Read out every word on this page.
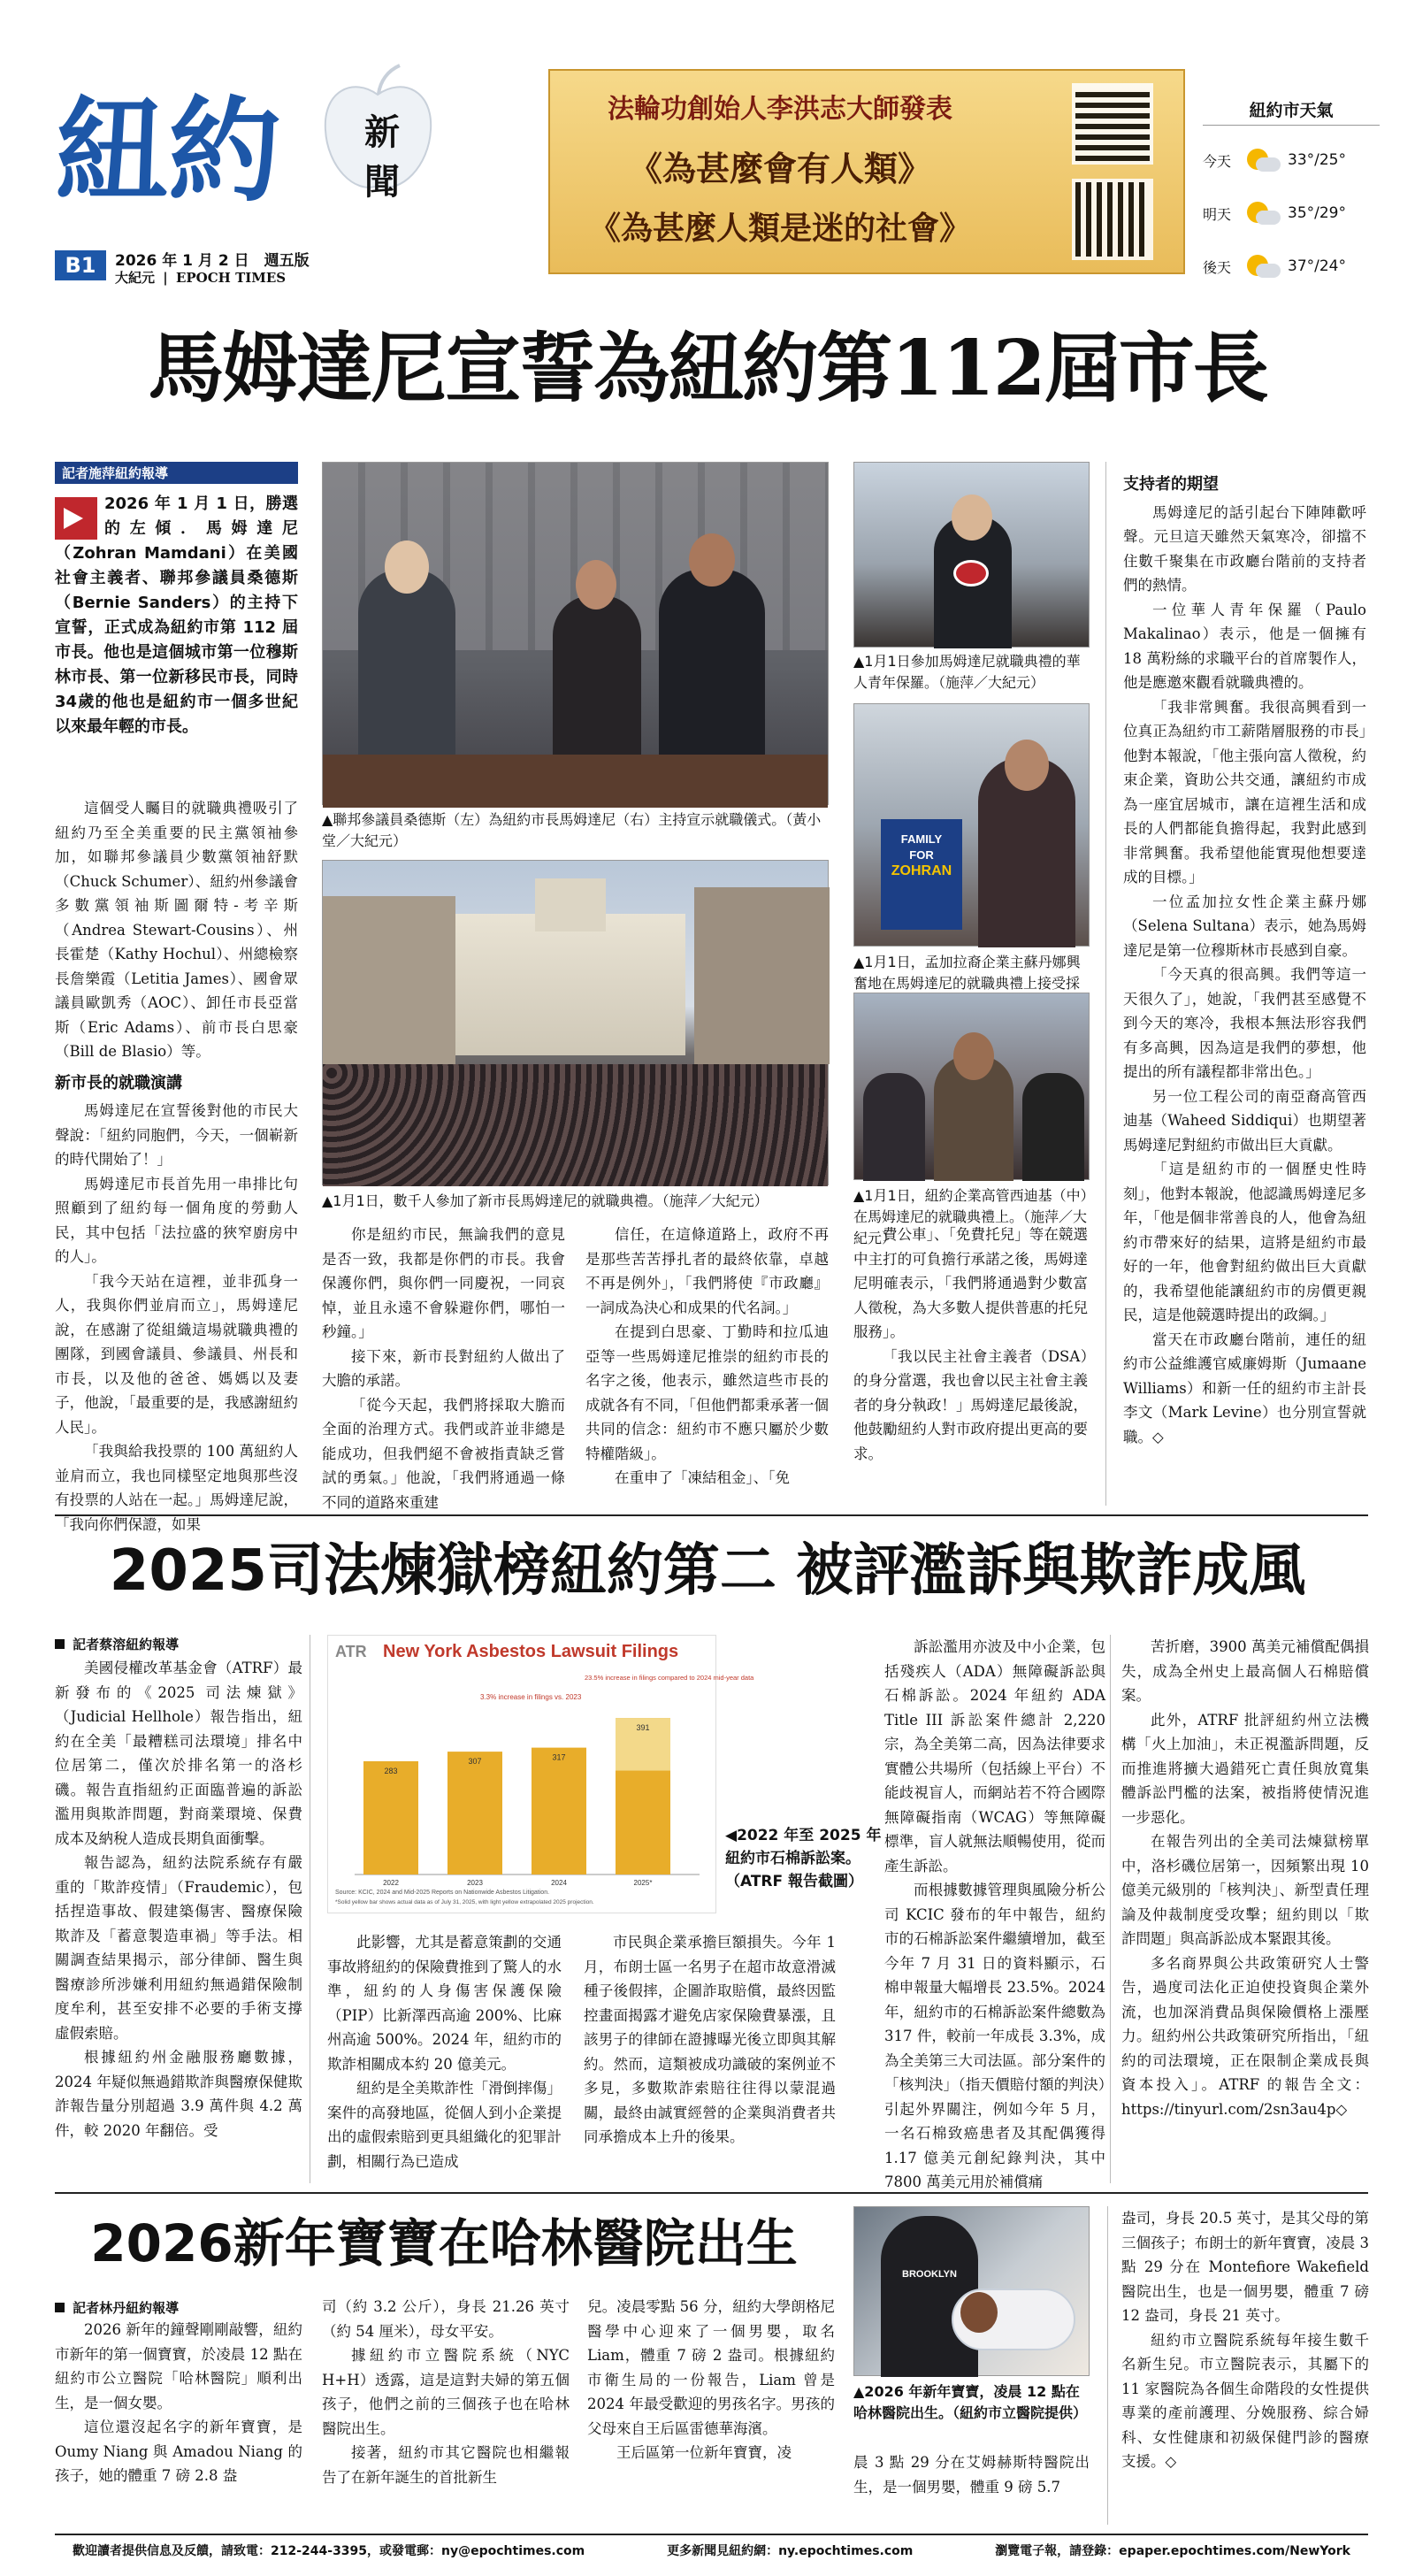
紐 約 新
聞
B1	2026 年 1 月 2 日　週五版
大紀元 | EPOCH TIMES
法輪功創始人李洪志大師發表
《為甚麼會有人類》
《為甚麼人類是迷的社會》
紐約市天氣
今天	33°/25°
明天	35°/29°
後天	37°/24°
馬姆達尼宣誓為紐約第112屆市長
記者施萍紐約報導
2026 年 1 月 1 日，勝選的左傾．馬姆達尼（Zohran Mamdani）在美國社會主義者、聯邦參議員桑德斯（Bernie Sanders）的主持下宣誓，正式成為紐約市第 112 屆市長。他也是這個城市第一位穆斯林市長、第一位新移民市長，同時34歲的他也是紐約市一個多世紀以來最年輕的市長。

這個受人矚目的就職典禮吸引了紐約乃至全美重要的民主黨領袖參加，如聯邦參議員少數黨領袖舒默（Chuck Schumer）、紐約州參議會多數黨領袖斯圖爾特-考辛斯（Andrea Stewart-Cousins）、州長霍楚（Kathy Hochul）、州總檢察長詹樂霞（Letitia James）、國會眾議員歐凱秀（AOC）、卸任市長亞當斯（Eric Adams）、前市長白思豪（Bill de Blasio）等。

新市長的就職演講

馬姆達尼在宣誓後對他的市民大聲說：「紐約同胞們，今天，一個嶄新的時代開始了！」

馬姆達尼市長首先用一串排比句照顧到了紐約每一個角度的勞動人民，其中包括「法拉盛的狹窄廚房中的人」。

「我今天站在這裡，並非孤身一人，我與你們並肩而立」，馬姆達尼說，在感謝了從組織這場就職典禮的團隊，到國會議員、參議員、州長和市長，以及他的爸爸、媽媽以及妻子，他說，「最重要的是，我感謝紐約人民」。

「我與給我投票的 100 萬紐約人並肩而立，我也同樣堅定地與那些沒有投票的人站在一起。」馬姆達尼說，「我向你們保證，如果

▲聯邦參議員桑德斯（左）為紐約市長馬姆達尼（右）主持宣示就職儀式。（黃小堂／大紀元）
▲1月1日，數千人參加了新市長馬姆達尼的就職典禮。（施萍／大紀元）

你是紐約市民，無論我們的意見是否一致，我都是你們的市長。我會保護你們，與你們一同慶祝，一同哀悼，並且永遠不會躲避你們，哪怕一秒鐘。」

接下來，新市長對紐約人做出了大膽的承諾。

「從今天起，我們將採取大膽而全面的治理方式。我們或許並非總是能成功，但我們絕不會被指責缺乏嘗試的勇氣。」他說，「我們將通過一條不同的道路來重建

信任，在這條道路上，政府不再是那些苦苦掙扎者的最終依靠，卓越不再是例外」，「我們將使『市政廳』一詞成為決心和成果的代名詞。」

在提到白思豪、丁勤時和拉瓜迪亞等一些馬姆達尼推崇的紐約市長的名字之後，他表示，雖然這些市長的成就各有不同，「但他們都秉承著一個共同的信念：紐約市不應只屬於少數特權階級」。

在重申了「凍結租金」、「免

費公車」、「免費托兒」等在競選中主打的可負擔行承諾之後，馬姆達尼明確表示，「我們將通過對少數富人徵稅，為大多數人提供普惠的托兒服務」。

「我以民主社會主義者（DSA）的身分當選，我也會以民主社會主義者的身分執政！」馬姆達尼最後說，他鼓勵紐約人對市政府提出更高的要求。

▲1月1日參加馬姆達尼就職典禮的華人青年保羅。（施萍／大紀元）
FAMILY
FOR
ZOHRAN
▲1月1日，孟加拉裔企業主蘇丹娜興奮地在馬姆達尼的就職典禮上接受採
▲1月1日，紐約企業高管西迪基（中）在馬姆達尼的就職典禮上。（施萍／大紀元）
支持者的期望

馬姆達尼的話引起台下陣陣歡呼聲。元旦這天雖然天氣寒冷，卻擋不住數千聚集在市政廳台階前的支持者們的熱情。

一位華人青年保羅（Paulo Makalinao）表示，他是一個擁有 18 萬粉絲的求職平台的首席製作人，他是應邀來觀看就職典禮的。

「我非常興奮。我很高興看到一位真正為紐約市工薪階層服務的市長」他對本報說，「他主張向富人徵稅，約束企業，資助公共交通，讓紐約市成為一座宜居城市，讓在這裡生活和成長的人們都能負擔得起，我對此感到非常興奮。我希望他能實現他想要達成的目標。」

一位孟加拉女性企業主蘇丹娜（Selena Sultana）表示，她為馬姆達尼是第一位穆斯林市長感到自豪。

「今天真的很高興。我們等這一天很久了」，她說，「我們甚至感覺不到今天的寒冷，我根本無法形容我們有多高興，因為這是我們的夢想，他提出的所有議程都非常出色。」

另一位工程公司的南亞裔高管西迪基（Waheed Siddiqui）也期望著馬姆達尼對紐約市做出巨大貢獻。

「這是紐約市的一個歷史性時刻」，他對本報說，他認識馬姆達尼多年，「他是個非常善良的人，他會為紐約市帶來好的結果，這將是紐約市最好的一年，他會對紐約做出巨大貢獻的，我希望他能讓紐約市的房價更親民，這是他競選時提出的政綱。」

當天在市政廳台階前，連任的紐約市公益維護官威廉姆斯（Jumaane Williams）和新一任的紐約市主計長李文（Mark Levine）也分別宣誓就職。◇

2025司法煉獄榜紐約第二 被評濫訴與欺詐成風
記者蔡溶紐約報導

美國侵權改革基金會（ATRF）最新發布的《2025 司法煉獄》（Judicial Hellhole）報告指出，紐約在全美「最糟糕司法環境」排名中位居第二，僅次於排名第一的洛杉磯。報告直指紐約正面臨普遍的訴訟濫用與欺詐問題，對商業環境、保費成本及納稅人造成長期負面衝擊。

報告認為，紐約法院系統存有嚴重的「欺詐疫情」（Fraudemic），包括捏造事故、假建築傷害、醫療保險欺詐及「蓄意製造車禍」等手法。相關調查結果揭示，部分律師、醫生與醫療診所涉嫌利用紐約無過錯保險制度牟利，甚至安排不必要的手術支撐虛假索賠。

根據紐約州金融服務廳數據，2024 年疑似無過錯欺詐與醫療保健欺詐報告量分別超過 3.9 萬件與 4.2 萬件，較 2020 年翻倍。受

ATR New York Asbestos Lawsuit Filings
283
2022
307
2023
317
2024
391
2025*
3.3% increase in filings vs. 2023
23.5% increase in filings compared to 2024 mid-year data
Source: KCIC, 2024 and Mid-2025 Reports on Nationwide Asbestos Litigation.
*Solid yellow bar shows actual data as of July 31, 2025, with light yellow extrapolated 2025 projection.
◀2022 年至 2025 年紐約市石棉訴訟案。（ATRF 報告截圖）

此影響，尤其是蓄意策劃的交通事故將紐約的保險費推到了驚人的水準，紐約的人身傷害保護保險（PIP）比新澤西高逾 200%、比麻州高逾 500%。2024 年，紐約市的欺詐相關成本約 20 億美元。

紐約是全美欺詐性「滑倒摔傷」案件的高發地區，從個人到小企業提出的虛假索賠到更具組織化的犯罪計劃，相關行為已造成

市民與企業承擔巨額損失。今年 1 月，布朗士區一名男子在超市故意滑滅種子後假摔，企圖詐取賠償，最終因監控畫面揭露才避免店家保險費暴漲，且該男子的律師在證據曝光後立即與其解約。然而，這類被成功識破的案例並不多見，多數欺詐索賠往往得以蒙混過關，最終由誠實經營的企業與消費者共同承擔成本上升的後果。

訴訟濫用亦波及中小企業，包括殘疾人（ADA）無障礙訴訟與石棉訴訟。2024 年紐約 ADA Title III 訴訟案件總計 2,220 宗，為全美第二高，因為法律要求實體公共場所（包括線上平台）不能歧視盲人，而網站若不符合國際無障礙指南（WCAG）等無障礙標準，盲人就無法順暢使用，從而產生訴訟。

而根據數據管理與風險分析公司 KCIC 發布的年中報告，紐約市的石棉訴訟案件繼續增加，截至今年 7 月 31 日的資料顯示，石棉申報量大幅增長 23.5%。2024 年，紐約市的石棉訴訟案件總數為 317 件，較前一年成長 3.3%，成為全美第三大司法區。部分案件的「核判決」（指天價賠付額的判決）引起外界關注，例如今年 5 月，一名石棉致癌患者及其配偶獲得 1.17 億美元創紀錄判決，其中 7800 萬美元用於補償痛

苦折磨，3900 萬美元補償配偶損失，成為全州史上最高個人石棉賠償案。

此外，ATRF 批評紐約州立法機構「火上加油」，未正視濫訴問題，反而推進將擴大過錯死亡責任與放寬集體訴訟門檻的法案，被指將使情況進一步惡化。

在報告列出的全美司法煉獄榜單中，洛杉磯位居第一，因頻繁出現 10 億美元級別的「核判決」、新型責任理論及仲裁制度受攻擊；紐約則以「欺詐問題」與高訴訟成本緊跟其後。

多名商界與公共政策研究人士警告，過度司法化正迫使投資與企業外流，也加深消費品與保險價格上漲壓力。紐約州公共政策研究所指出，「紐約的司法環境，正在限制企業成長與資本投入」。ATRF 的報告全文：https://tinyurl.com/2sn3au4p◇

2026新年寶寶在哈林醫院出生
記者林丹紐約報導

2026 新年的鐘聲剛剛敲響，紐約市新年的第一個寶寶，於凌晨 12 點在紐約市公立醫院「哈林醫院」順利出生，是一個女嬰。

這位還沒起名字的新年寶寶，是 Oumy Niang 與 Amadou Niang 的孩子，她的體重 7 磅 2.8 盎

司（約 3.2 公斤），身長 21.26 英寸（約 54 厘米），母女平安。

據紐約市立醫院系統（NYC H+H）透露，這是這對夫婦的第五個孩子，他們之前的三個孩子也在哈林醫院出生。

接著，紐約市其它醫院也相繼報告了在新年誕生的首批新生

兒。凌晨零點 56 分，紐約大學朗格尼醫學中心迎來了一個男嬰，取名 Liam，體重 7 磅 2 盎司。根據紐約市衛生局的一份報告，Liam 曾是 2024 年最受歡迎的男孩名字。男孩的父母來自王后區雷德華海濱。

王后區第一位新年寶寶，凌

BROOKLYN
▲2026 年新年寶寶，凌晨 12 點在哈林醫院出生。（紐約市立醫院提供）

晨 3 點 29 分在艾姆赫斯特醫院出生，是一個男嬰，體重 9 磅 5.7

盎司，身長 20.5 英寸，是其父母的第三個孩子；布朗士的新年寶寶，凌晨 3 點 29 分在 Montefiore Wakefield 醫院出生，也是一個男嬰，體重 7 磅 12 盎司，身長 21 英寸。

紐約市立醫院系統每年接生數千名新生兒。市立醫院表示，其屬下的 11 家醫院為各個生命階段的女性提供專業的產前護理、分娩服務、綜合婦科、女性健康和初級保健門診的醫療支援。◇

歡迎讀者提供信息及反饋，請致電：212-244-3395，或發電郵：ny@epochtimes.com	更多新聞見紐約網：ny.epochtimes.com	瀏覽電子報，請登錄：epaper.epochtimes.com/NewYork
